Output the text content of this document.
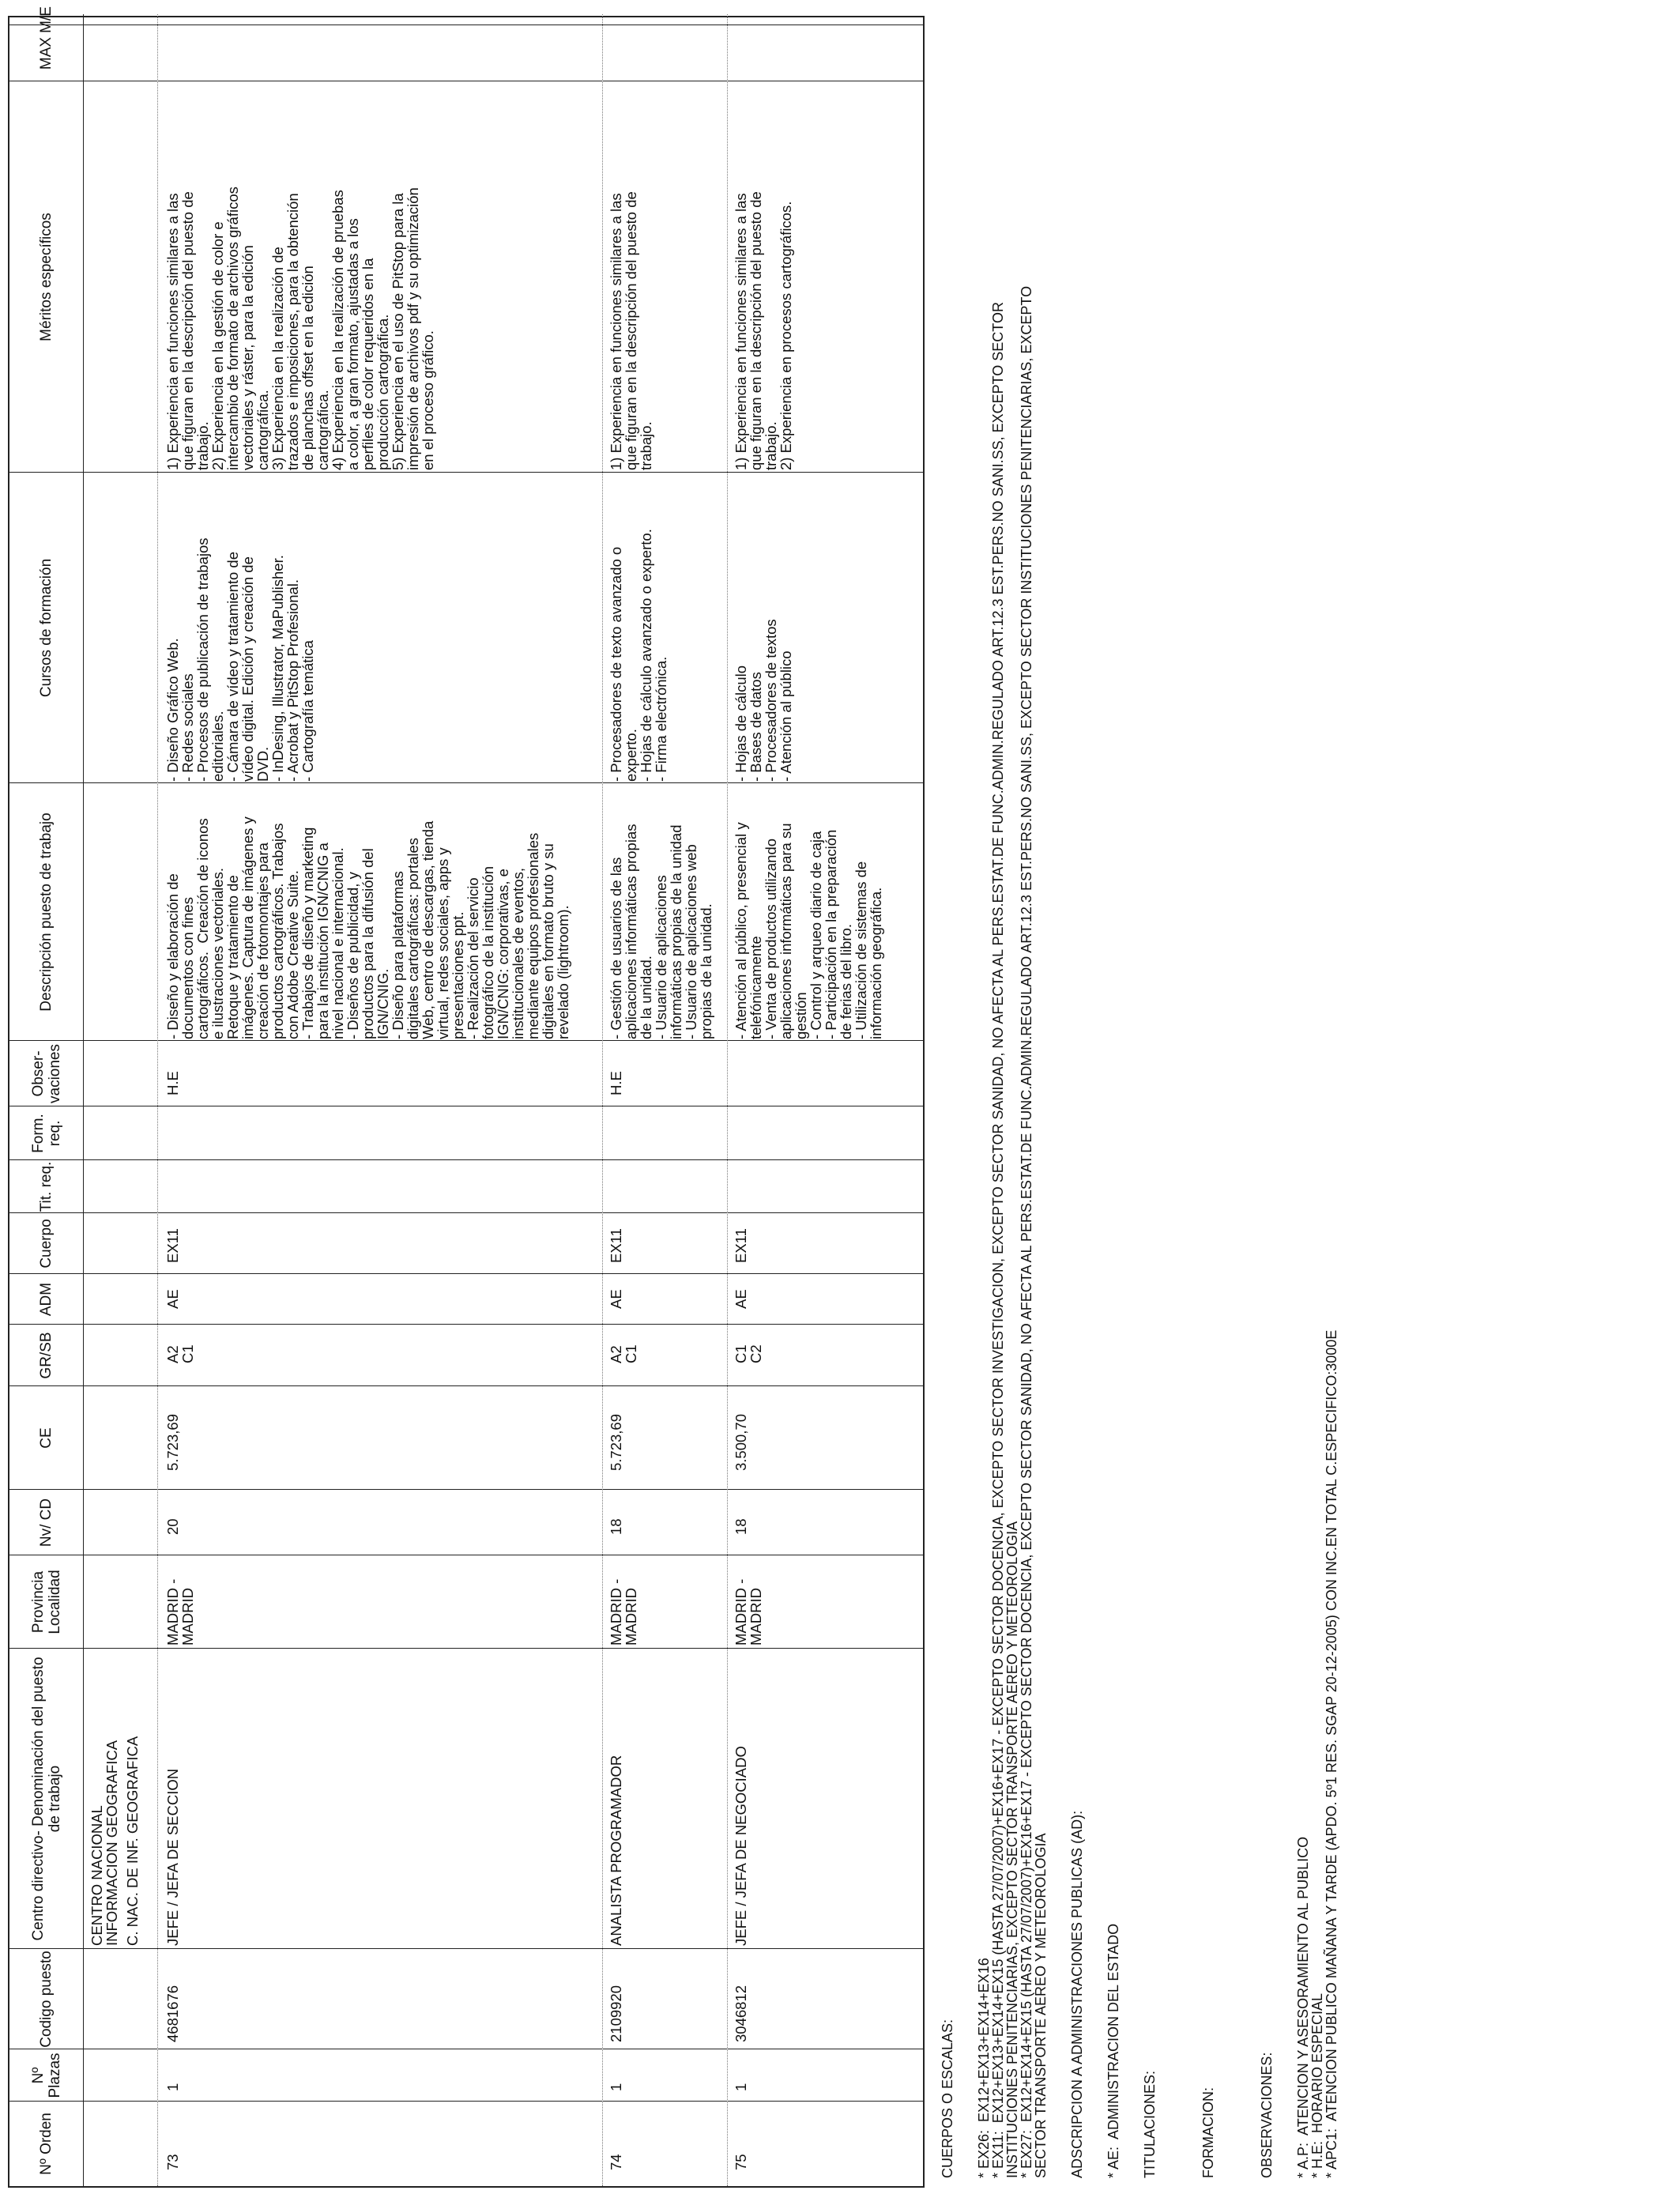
Nº Orden
Nº Plazas
Codigo puesto
Centro directivo- Denominación del puesto de trabajo
Provincia Localidad
Nv/ CD
CE
GR/SB
ADM
Cuerpo
Tit. req.
Form. req.
Obser- vaciones
Descripción puesto de trabajo
Cursos de formación
Méritos específicos
MAX
M/E
CENTRO NACIONAL
INFORMACION GEOGRAFICA C. NAC. DE INF. GEOGRAFICA
73
1
4681676
JEFE / JEFA DE SECCION
MADRID -
MADRID
20
5.723,69
A2
C1
AE
EX11
H.E
- Diseño y elaboración de
documentos con fines
cartográficos.  Creación de iconos
e ilustraciones vectoriales.
Retoque y tratamiento de
imágenes. Captura de imágenes y
creación de fotomontajes para
productos cartográficos. Trabajos
con Adobe Creative Suite.
- Trabajos de diseño y marketing
para la institución IGN/CNIG a
nivel nacional e internacional.
- Diseños de publicidad, y
productos para la difusión del
IGN/CNIG.
- Diseño para plataformas
digitales cartográficas: portales
Web, centro de descargas, tienda
virtual, redes sociales, apps y
presentaciones ppt.
- Realización del servicio
fotográfico de la institución
IGN/CNIG: corporativas, e
institucionales de eventos,
mediante equipos profesionales
digitales en formato bruto y su
revelado (lightroom).
- Diseño Gráfico Web.
- Redes sociales
- Procesos de publicación de trabajos
editoriales.
- Cámara de vídeo y tratamiento de
vídeo digital. Edición y creación de
DVD.
- InDesing, Illustrator, MaPublisher.
- Acrobat y PitStop Profesional.
- Cartografía temática
1) Experiencia en funciones similares a las
que figuran en la descripción del puesto de
trabajo.
2) Experiencia en la gestión de color e
intercambio de formato de archivos gráficos
vectoriales y ráster, para la edición
cartográfica.
3) Experiencia en la realización de
trazados e imposiciones, para la obtención
de planchas offset en la edición
cartográfica.
4) Experiencia en la realización de pruebas
a color, a gran formato, ajustadas a los
perfiles de color requeridos en la
producción cartográfica.
5) Experiencia en el uso de PitStop para la
impresión de archivos pdf y su optimización
en el proceso gráfico.
74
1
2109920
ANALISTA PROGRAMADOR
MADRID -
MADRID
18
5.723,69
A2
C1
AE
EX11
H.E
- Gestión de usuarios de las
aplicaciones informáticas propias
de la unidad.
- Usuario de aplicaciones
informáticas propias de la unidad
- Usuario de aplicaciones web
propias de la unidad.
- Procesadores de texto avanzado o
experto.
- Hojas de cálculo avanzado o experto.
- Firma electrónica.
1) Experiencia en funciones similares a las
que figuran en la descripción del puesto de
trabajo.
75
1
3046812
JEFE / JEFA DE NEGOCIADO
MADRID -
MADRID
18
3.500,70
C1
C2
AE
EX11
- Atención al público, presencial y
telefónicamente
- Venta de productos utilizando
aplicaciones informáticas para su
gestión
- Control y arqueo diario de caja
- Participación en la preparación
de ferias del libro.
- Utilización de sistemas de
información geográfica.
- Hojas de cálculo
- Bases de datos
- Procesadores de textos
- Atención al público
1) Experiencia en funciones similares a las
que figuran en la descripción del puesto de
trabajo.
2) Experiencia en procesos cartográficos.

CUERPOS O ESCALAS: * EX26:  EX12+EX13+EX14+EX16
* EX11:  EX12+EX13+EX14+EX15 (HASTA 27/07/2007)+EX16+EX17 - EXCEPTO SECTOR DOCENCIA, EXCEPTO SECTOR INVESTIGACION, EXCEPTO SECTOR SANIDAD, NO AFECTA AL PERS.ESTAT.DE FUNC.ADMIN.REGULADO ART.12.3 EST.PERS.NO SANI.SS, EXCEPTO SECTOR
INSTITUCIONES PENITENCIARIAS, EXCEPTO SECTOR TRANSPORTE AEREO Y METEOROLOGIA
* EX27:  EX12+EX14+EX15 (HASTA 27/07/2007)+EX16+EX17 - EXCEPTO SECTOR DOCENCIA, EXCEPTO SECTOR SANIDAD, NO AFECTA AL PERS.ESTAT.DE FUNC.ADMIN.REGULADO ART.12.3 EST.PERS.NO SANI.SS, EXCEPTO SECTOR INSTITUCIONES PENITENCIARIAS, EXCEPTO
SECTOR TRANSPORTE AEREO Y METEOROLOGIA ADSCRIPCION A ADMINISTRACIONES PUBLICAS (AD): * AE:  ADMINISTRACION DEL ESTADO TITULACIONES:	FORMACION:	OBSERVACIONES: * A.P:  ATENCION Y ASESORAMIENTO AL PUBLICO
* H.E:  HORARIO ESPECIAL
* APC1:  ATENCION PUBLICO MAÑANA Y TARDE (APDO. 5º1 RES. SGAP 20-12-2005) CON INC.EN TOTAL C.ESPECIFICO:3000E
